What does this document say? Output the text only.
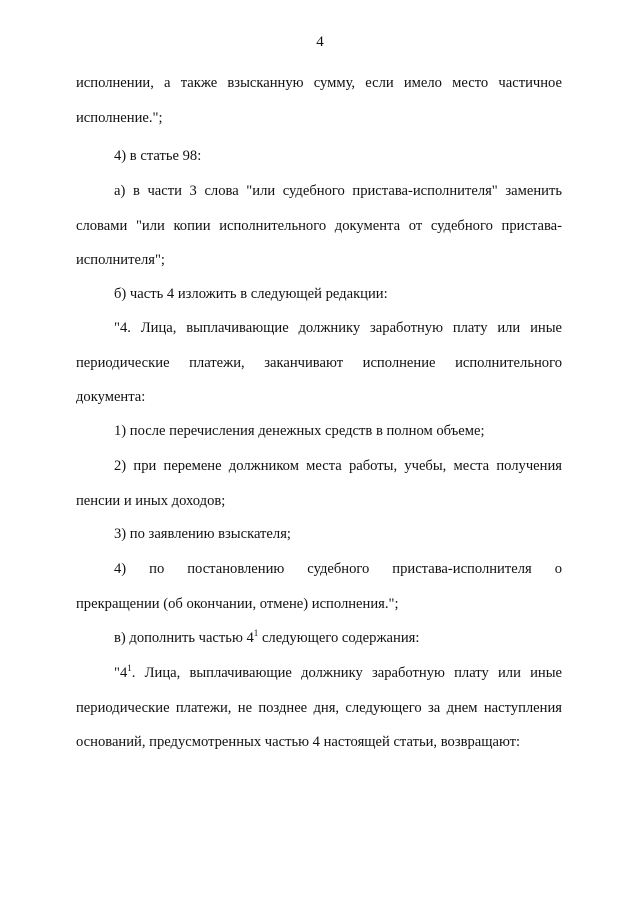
4
исполнении, а также взысканную сумму, если имело место частичное
исполнение.";
4) в статье 98:
а) в части 3 слова "или судебного пристава-исполнителя" заменить
словами "или копии исполнительного документа от судебного пристава-
исполнителя";
б) часть 4 изложить в следующей редакции:
"4. Лица, выплачивающие должнику заработную плату или иные
периодические платежи, заканчивают исполнение исполнительного
документа:
1) после перечисления денежных средств в полном объеме;
2) при перемене должником места работы, учебы, места получения
пенсии и иных доходов;
3) по заявлению взыскателя;
4) по постановлению судебного пристава-исполнителя о
прекращении (об окончании, отмене) исполнения.";
в) дополнить частью $4^1$ следующего содержания:
"$4^1$. Лица, выплачивающие должнику заработную плату или иные
периодические платежи, не позднее дня, следующего за днем наступления
оснований, предусмотренных частью 4 настоящей статьи, возвращают:
